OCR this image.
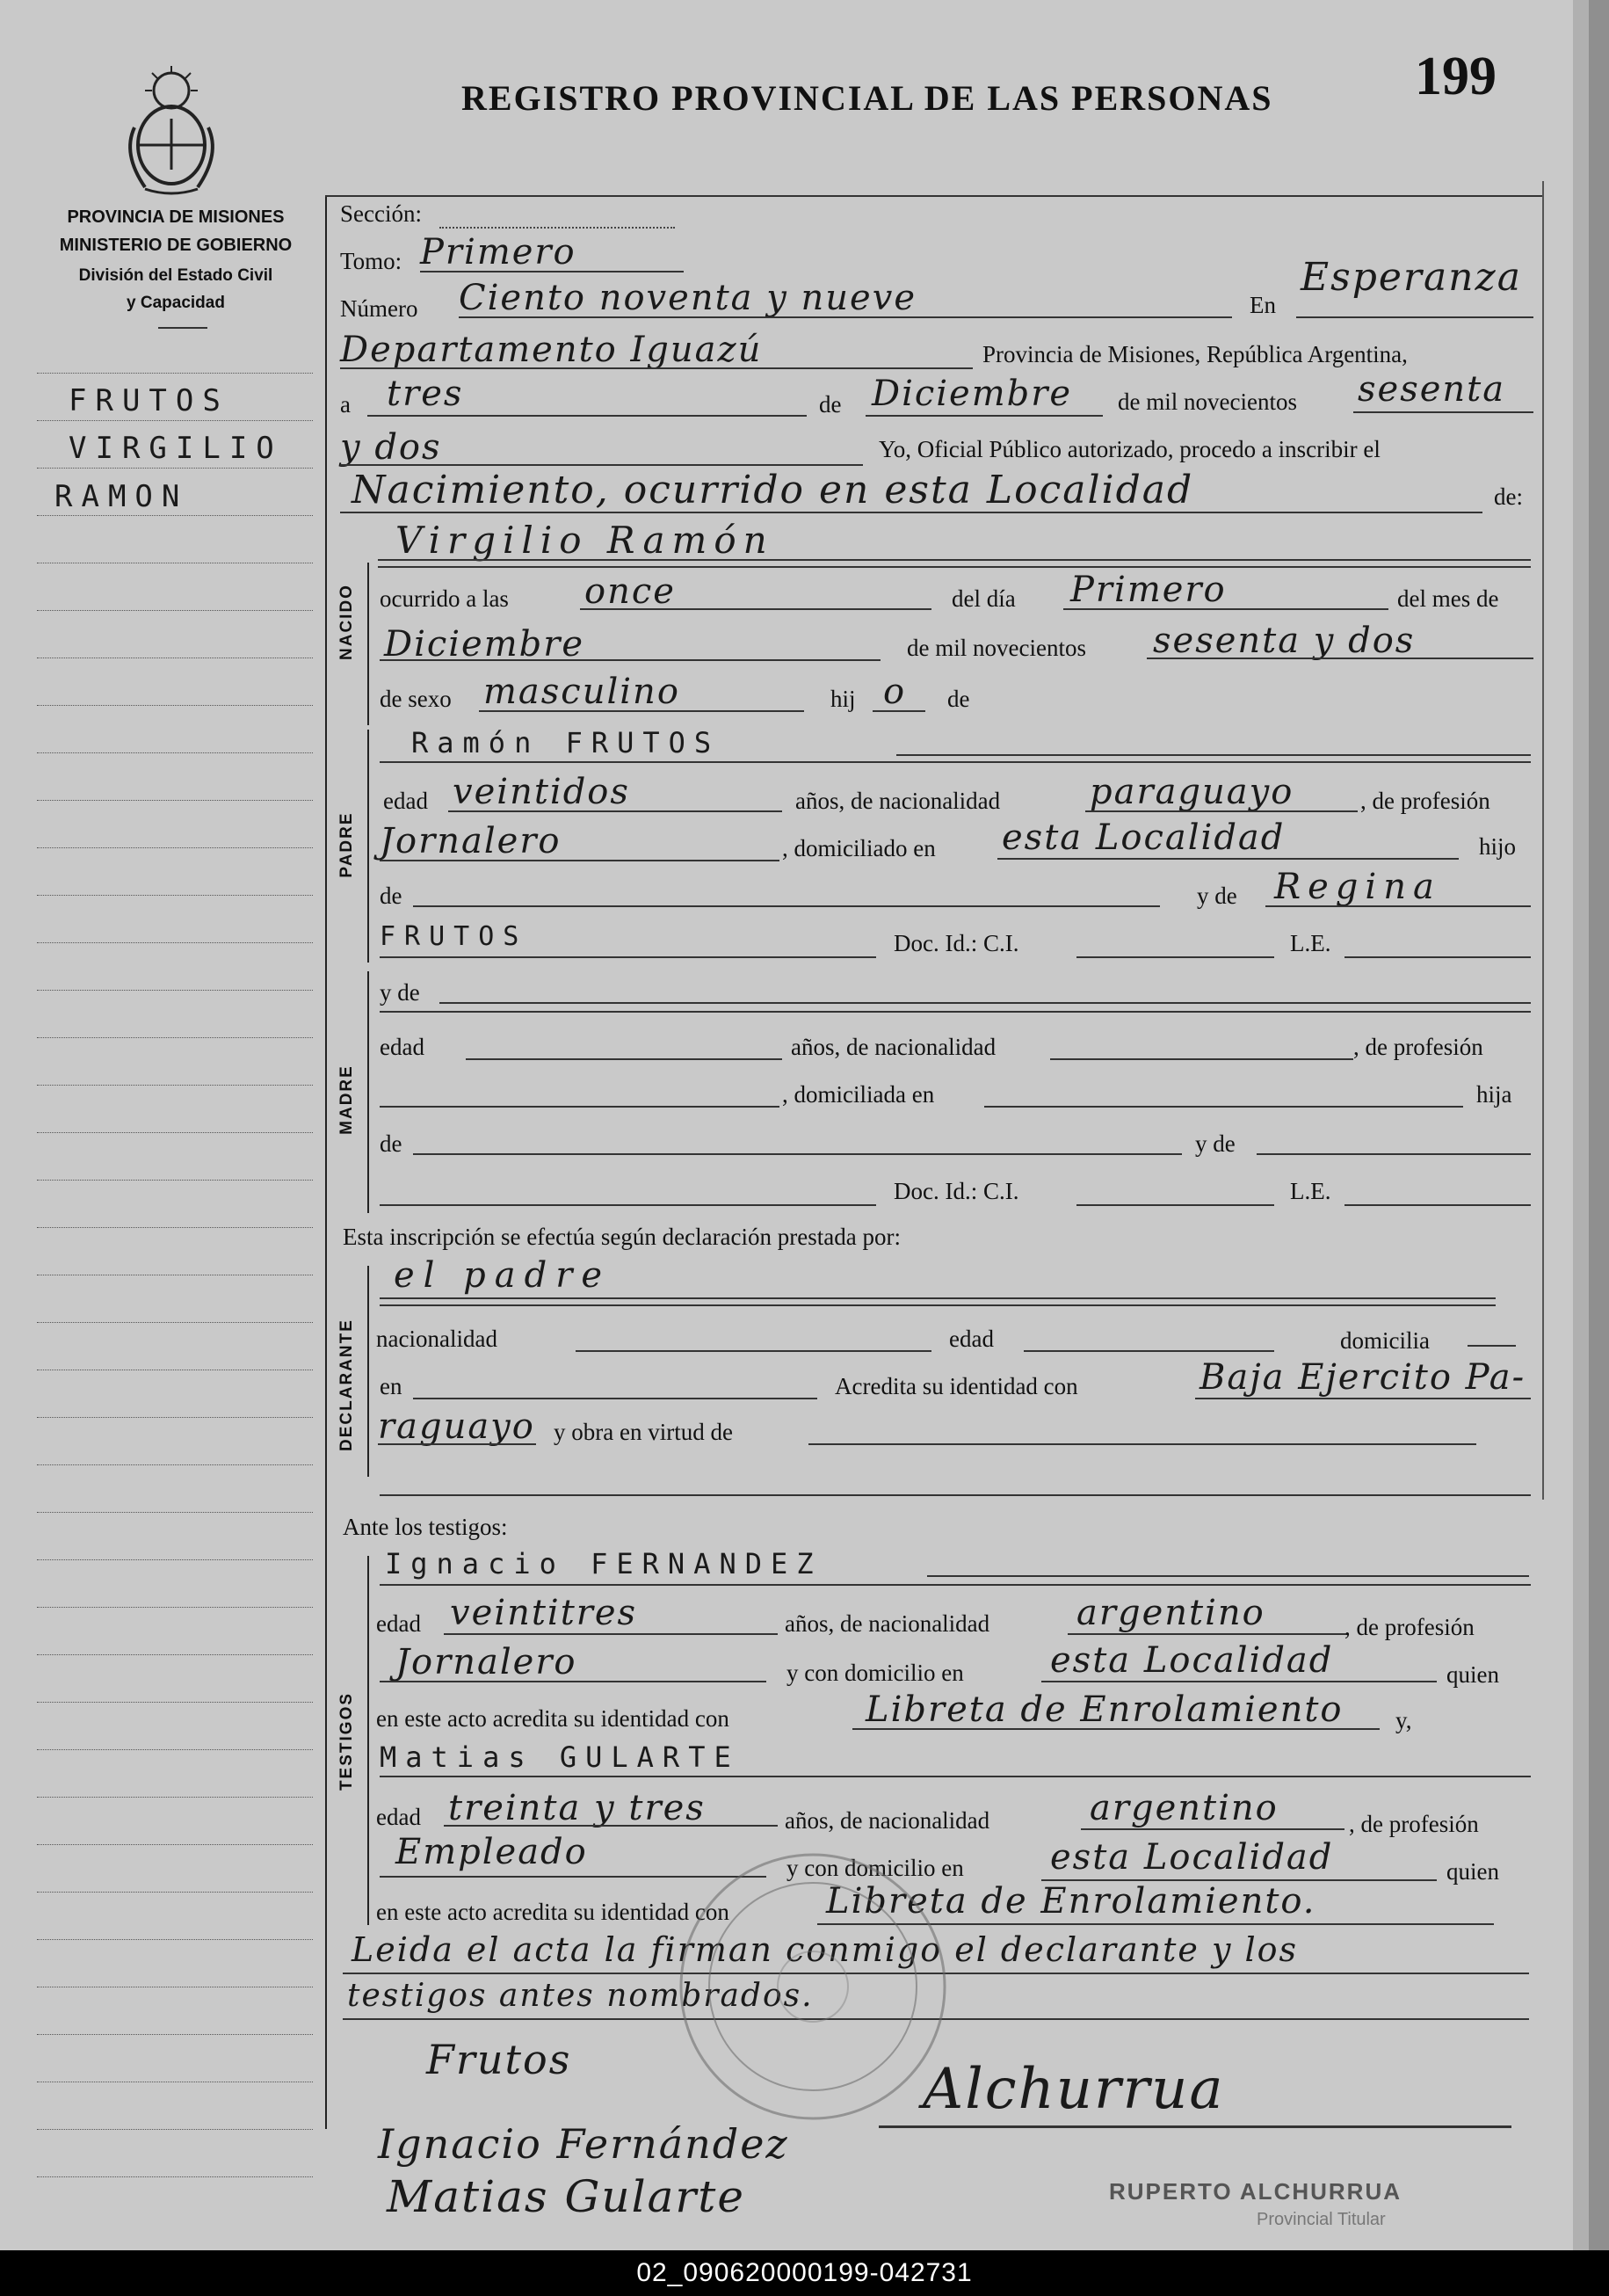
REGISTRO PROVINCIAL DE LAS PERSONAS	199
PROVINCIA DE MISIONES
MINISTERIO DE GOBIERNO
División del Estado Civil
y Capacidad
FRUTOS
VIRGILIO
RAMON
Sección:
Tomo: Primero
Número Ciento noventa y nueve	En
Esperanza
Departamento Iguazú	Provincia de Misiones, República Argentina,
a tres	de Diciembre de mil novecientos sesenta
y dos	Yo, Oficial Público autorizado, procedo a inscribir el
Nacimiento, ocurrido en esta Localidad	de:
NACIDO
Virgilio Ramón
ocurrido a las once	del día Primero	del mes de
Diciembre	de mil novecientos sesenta y dos
de sexo masculino	hij o de
PADRE
Ramón FRUTOS
edad veintidos	años, de nacionalidad	paraguayo	, de profesión
Jornalero	, domiciliado en esta Localidad	hijo
de	y de Regina
FRUTOS	Doc. Id.: C.I.	L.E.
MADRE
y de
edad	años, de nacionalidad	, de profesión
, domiciliada en	hija
de	y de
Doc. Id.: C.I.	L.E.
Esta inscripción se efectúa según declaración prestada por:
DECLARANTE
el padre
nacionalidad	edad	domicilia
en	Acredita su identidad con	Baja Ejercito Pa-
raguayo y obra en virtud de
Ante los testigos:
TESTIGOS
Ignacio FERNANDEZ
edad veintitres	años, de nacionalidad argentino	, de profesión
Jornalero	y con domicilio en esta Localidad	quien
en este acto acredita su identidad con	Libreta de Enrolamiento y,
Matias GULARTE
edad treinta y tres	años, de nacionalidad	argentino	, de profesión
Empleado	y con domicilio en esta Localidad	quien
en este acto acredita su identidad con	Libreta de Enrolamiento.
Leida el acta la firman conmigo el declarante y los
testigos antes nombrados.
Frutos
Ignacio Fernández
Matias Gularte
Alchurrua
RUPERTO ALCHURRUA
Provincial Titular
02_090620000199-042731
